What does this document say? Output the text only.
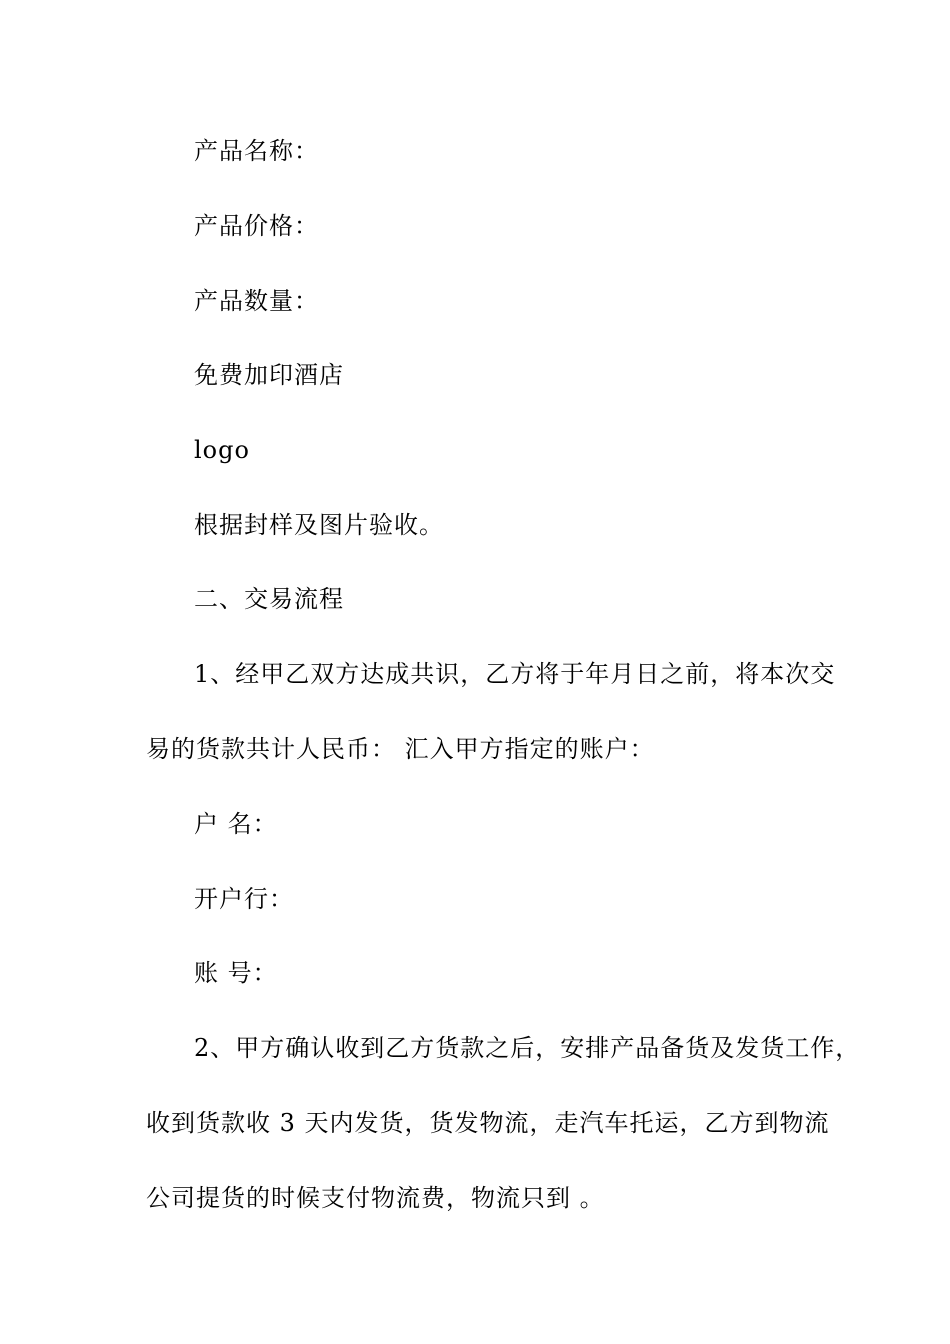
产品名称：
产品价格：
产品数量：
免费加印酒店
logo
根据封样及图片验收。
二、交易流程
1、经甲乙双方达成共识，乙方将于年月日之前，将本次交
易的货款共计人民币： 汇入甲方指定的账户：
户 名：
开户行：
账 号：
2、甲方确认收到乙方货款之后，安排产品备货及发货工作，
收到货款收 3 天内发货，货发物流，走汽车托运，乙方到物流
公司提货的时候支付物流费，物流只到 。
